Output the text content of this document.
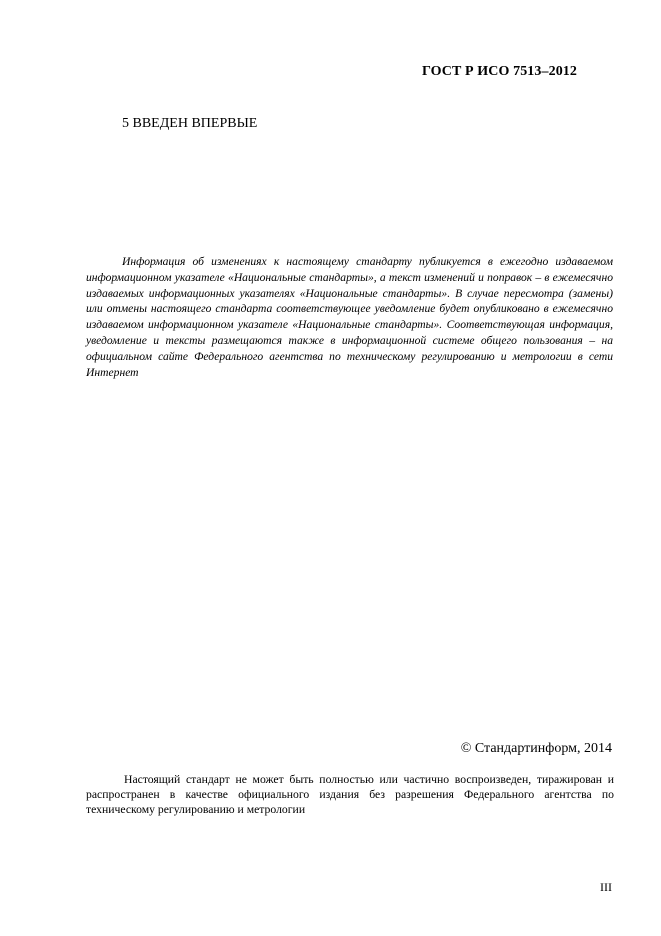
ГОСТ Р ИСО 7513–2012
5 ВВЕДЕН ВПЕРВЫЕ

Информация об изменениях к настоящему стандарту публикуется в ежегодно издаваемом информационном указателе «Национальные стандарты», а текст изменений и поправок – в ежемесячно издаваемых информационных указателях «Национальные стандарты». В случае пересмотра (замены) или отмены настоящего стандарта соответствующее уведомление будет опубликовано в ежемесячно издаваемом информационном указателе «Национальные стандарты». Соответствующая информация, уведомление и тексты размещаются также в информационной системе общего пользования – на официальном сайте Федерального агентства по техническому регулированию и метрологии в сети Интернет

© Стандартинформ, 2014

Настоящий стандарт не может быть полностью или частично воспроизведен, тиражирован и распространен в качестве официального издания без разрешения Федерального агентства по техническому регулированию и метрологии

III
